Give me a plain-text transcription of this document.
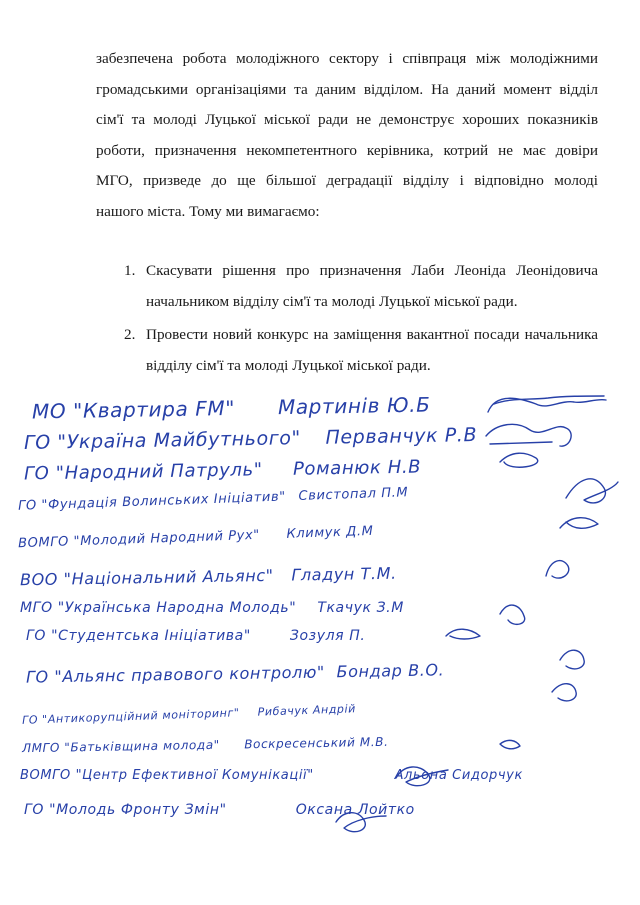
забезпечена робота молодіжного сектору і співпраця між молодіжними

громадськими організаціями та даним відділом. На даний момент відділ

сім'ї та молоді Луцької міської ради не демонструє хороших показників

роботи, призначення некомпетентного керівника, котрий не має довіри

МГО, призведе до ще більшої деградації відділу і відповідно молоді

нашого міста. Тому ми вимагаємо:

1. Скасувати рішення про призначення Лаби Леоніда Леонідовича начальником відділу сім'ї та молоді Луцької міської ради.
2. Провести новий конкурс на заміщення вакантної посади начальника відділу сім'ї та молоді Луцької міської ради.
МО "Квартира FM" Мартинів Ю.Б
ГО "Україна Майбутнього" Перванчук Р.В
ГО "Народний Патруль" Романюк Н.В
ГО "Фундація Волинських Ініціатив" Свистопал П.М
ВОМГО "Молодий Народний Рух" Климук Д.М
ВОО "Національний Альянс" Гладун Т.М.
МГО "Українська Народна Молодь" Ткачук З.М
ГО "Студентська Ініціатива"	Зозуля П.
ГО "Альянс правового контролю" Бондар В.О.
ГО "Антикорупційний моніторинг" Рибачук Андрій
ЛМГО "Батьківщина молода" Воскресенський М.В.
ВОМГО "Центр Ефективної Комунікації"	Альона Сидорчук
ГО "Молодь Фронту Змін"	Оксана Лойтко
